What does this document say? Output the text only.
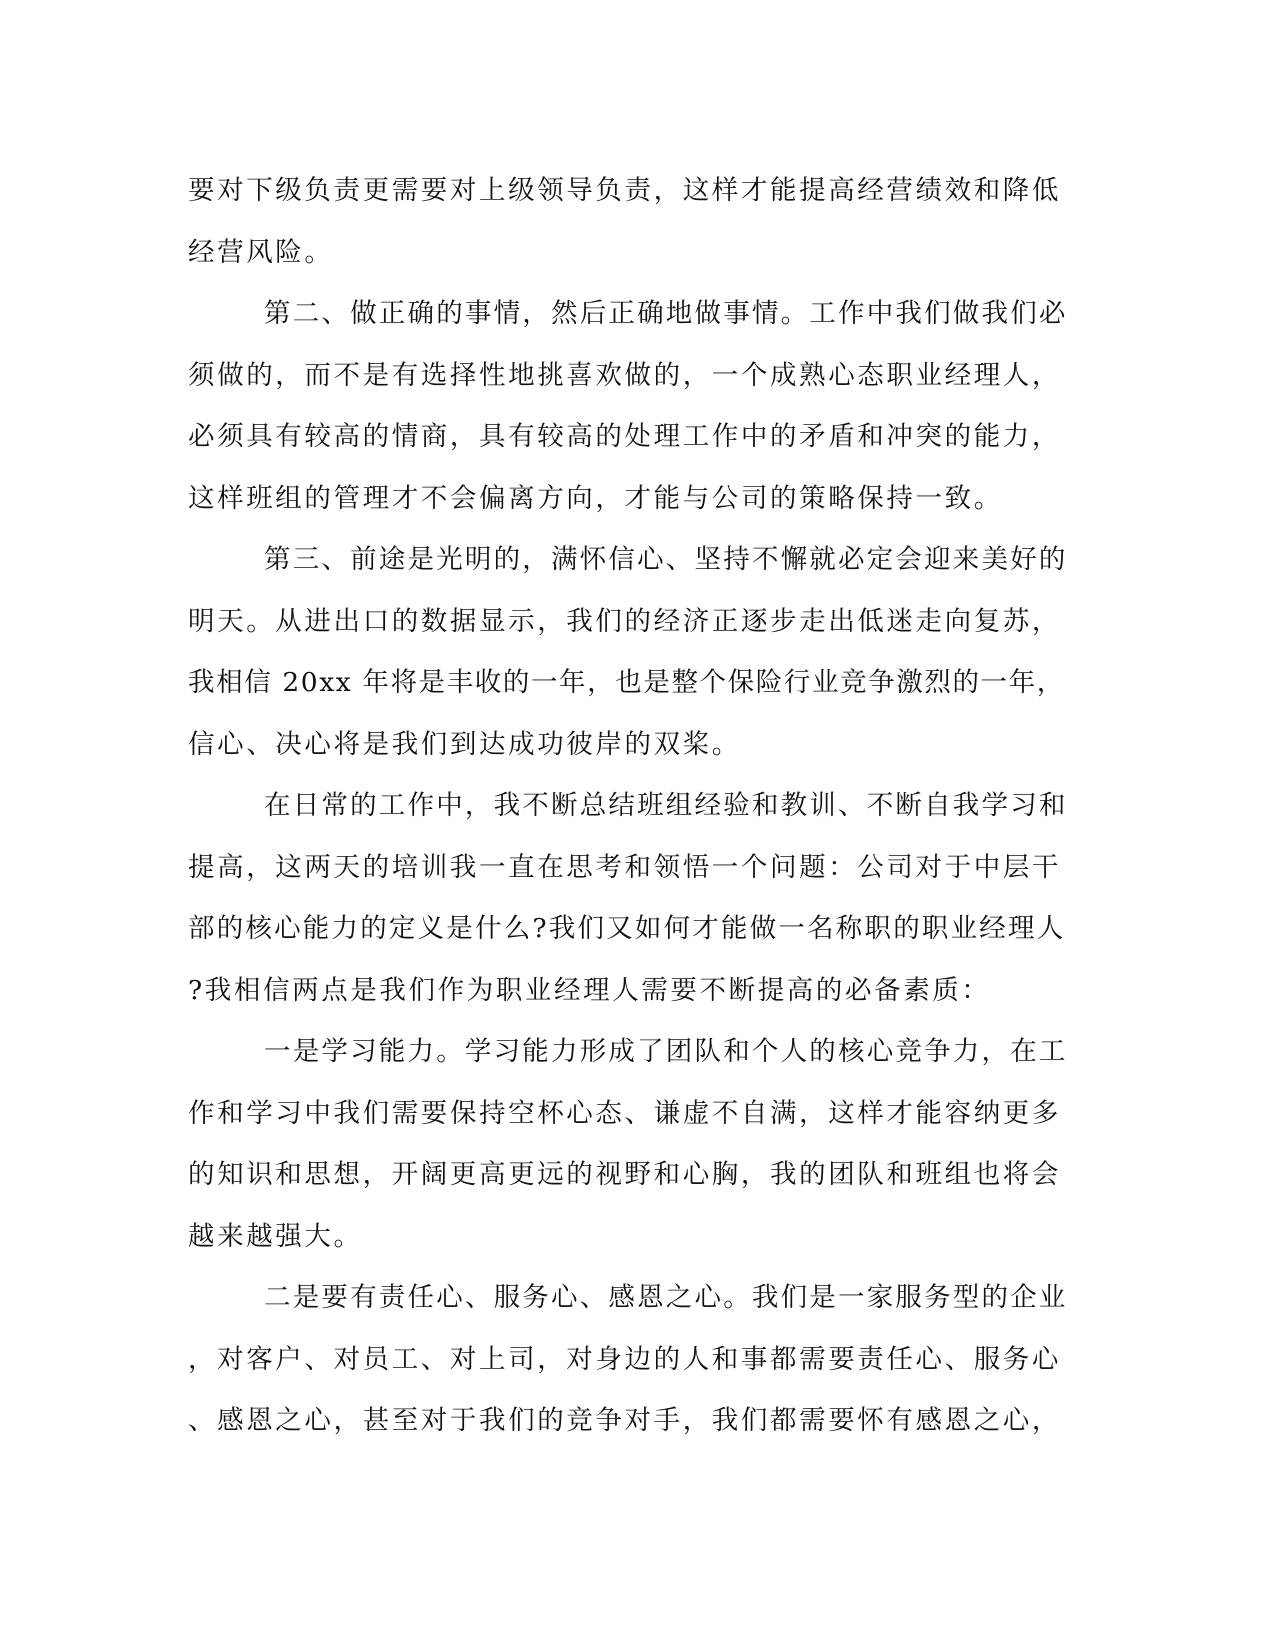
要对下级负责更需要对上级领导负责，这样才能提高经营绩效和降低

经营风险。

第二、做正确的事情，然后正确地做事情。工作中我们做我们必

须做的，而不是有选择性地挑喜欢做的，一个成熟心态职业经理人，

必须具有较高的情商，具有较高的处理工作中的矛盾和冲突的能力，

这样班组的管理才不会偏离方向，才能与公司的策略保持一致。

第三、前途是光明的，满怀信心、坚持不懈就必定会迎来美好的

明天。从进出口的数据显示，我们的经济正逐步走出低迷走向复苏，

我相信 20xx 年将是丰收的一年，也是整个保险行业竞争激烈的一年，

信心、决心将是我们到达成功彼岸的双桨。

在日常的工作中，我不断总结班组经验和教训、不断自我学习和

提高，这两天的培训我一直在思考和领悟一个问题：公司对于中层干

部的核心能力的定义是什么?我们又如何才能做一名称职的职业经理人

?我相信两点是我们作为职业经理人需要不断提高的必备素质：

一是学习能力。学习能力形成了团队和个人的核心竞争力，在工

作和学习中我们需要保持空杯心态、谦虚不自满，这样才能容纳更多

的知识和思想，开阔更高更远的视野和心胸，我的团队和班组也将会

越来越强大。

二是要有责任心、服务心、感恩之心。我们是一家服务型的企业

，对客户、对员工、对上司，对身边的人和事都需要责任心、服务心

、感恩之心，甚至对于我们的竞争对手，我们都需要怀有感恩之心，
